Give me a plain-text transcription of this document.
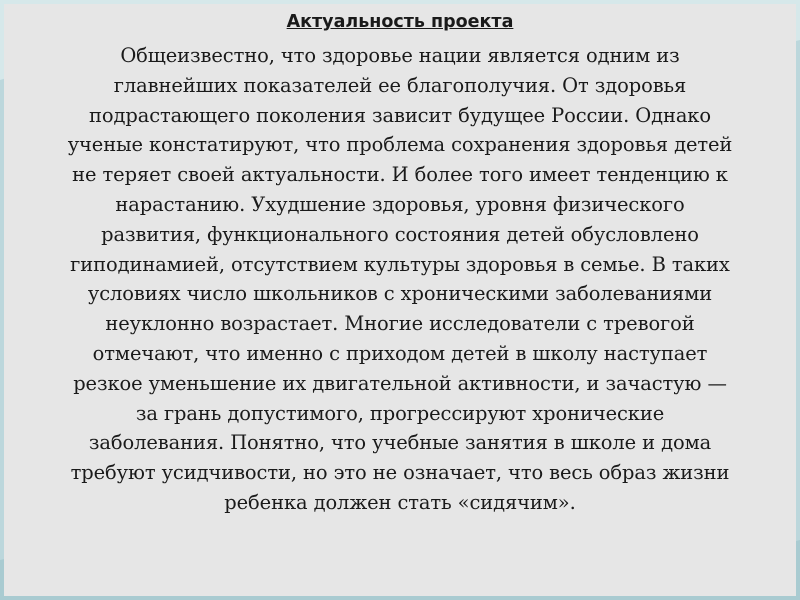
Актуальность проекта
Общеизвестно, что здоровье нации является одним из
главнейших показателей ее благополучия. От здоровья
подрастающего поколения зависит будущее России. Однако
ученые констатируют, что проблема сохранения здоровья детей
не теряет своей актуальности. И более того имеет тенденцию к
нарастанию. Ухудшение здоровья, уровня физического
развития, функционального состояния детей обусловлено
гиподинамией, отсутствием культуры здоровья в семье. В таких
условиях число школьников с хроническими заболеваниями
неуклонно возрастает. Многие исследователи с тревогой
отмечают, что именно с приходом детей в школу наступает
резкое уменьшение их двигательной активности, и зачастую —
за грань допустимого, прогрессируют хронические
заболевания. Понятно, что учебные занятия в школе и дома
требуют усидчивости, но это не означает, что весь образ жизни
ребенка должен стать «сидячим».
